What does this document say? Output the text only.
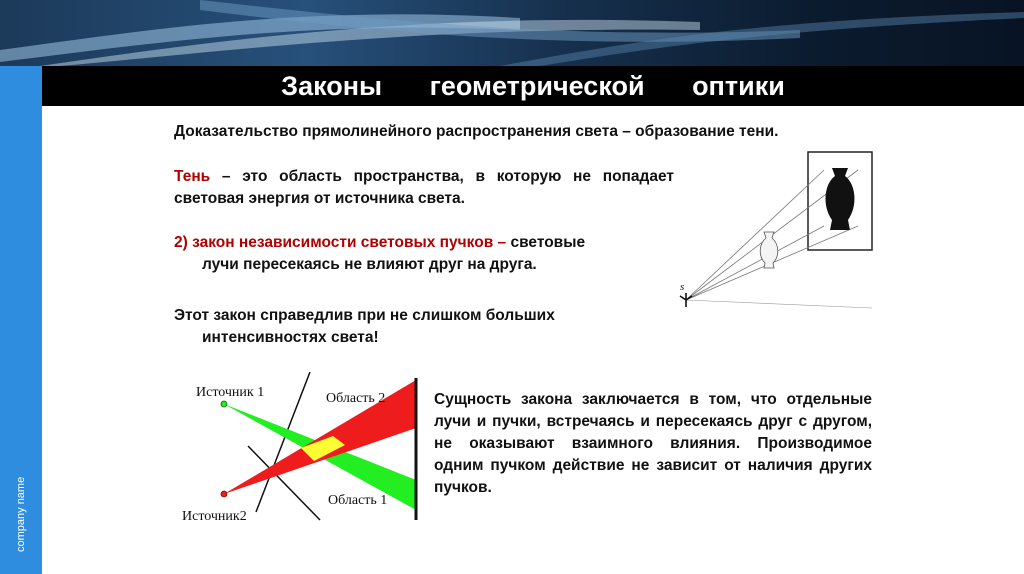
company name
Законы геометрической оптики
Доказательство прямолинейного распространения света – образование тени.
Тень – это область пространства, в которую не попадает световая энергия от источника света.
2) закон независимости световых пучков – световые
лучи пересекаясь не влияют друг на друга.
Этот закон справедлив при не слишком больших
интенсивностях света!
Сущность закона заключается в том, что отдельные лучи и пучки, встречаясь и пересекаясь друг с другом, не оказывают взаимного влияния. Производимое одним пучком действие не зависит от наличия других пучков.
s
Источник 1
Источник2
Область 2
Область 1
